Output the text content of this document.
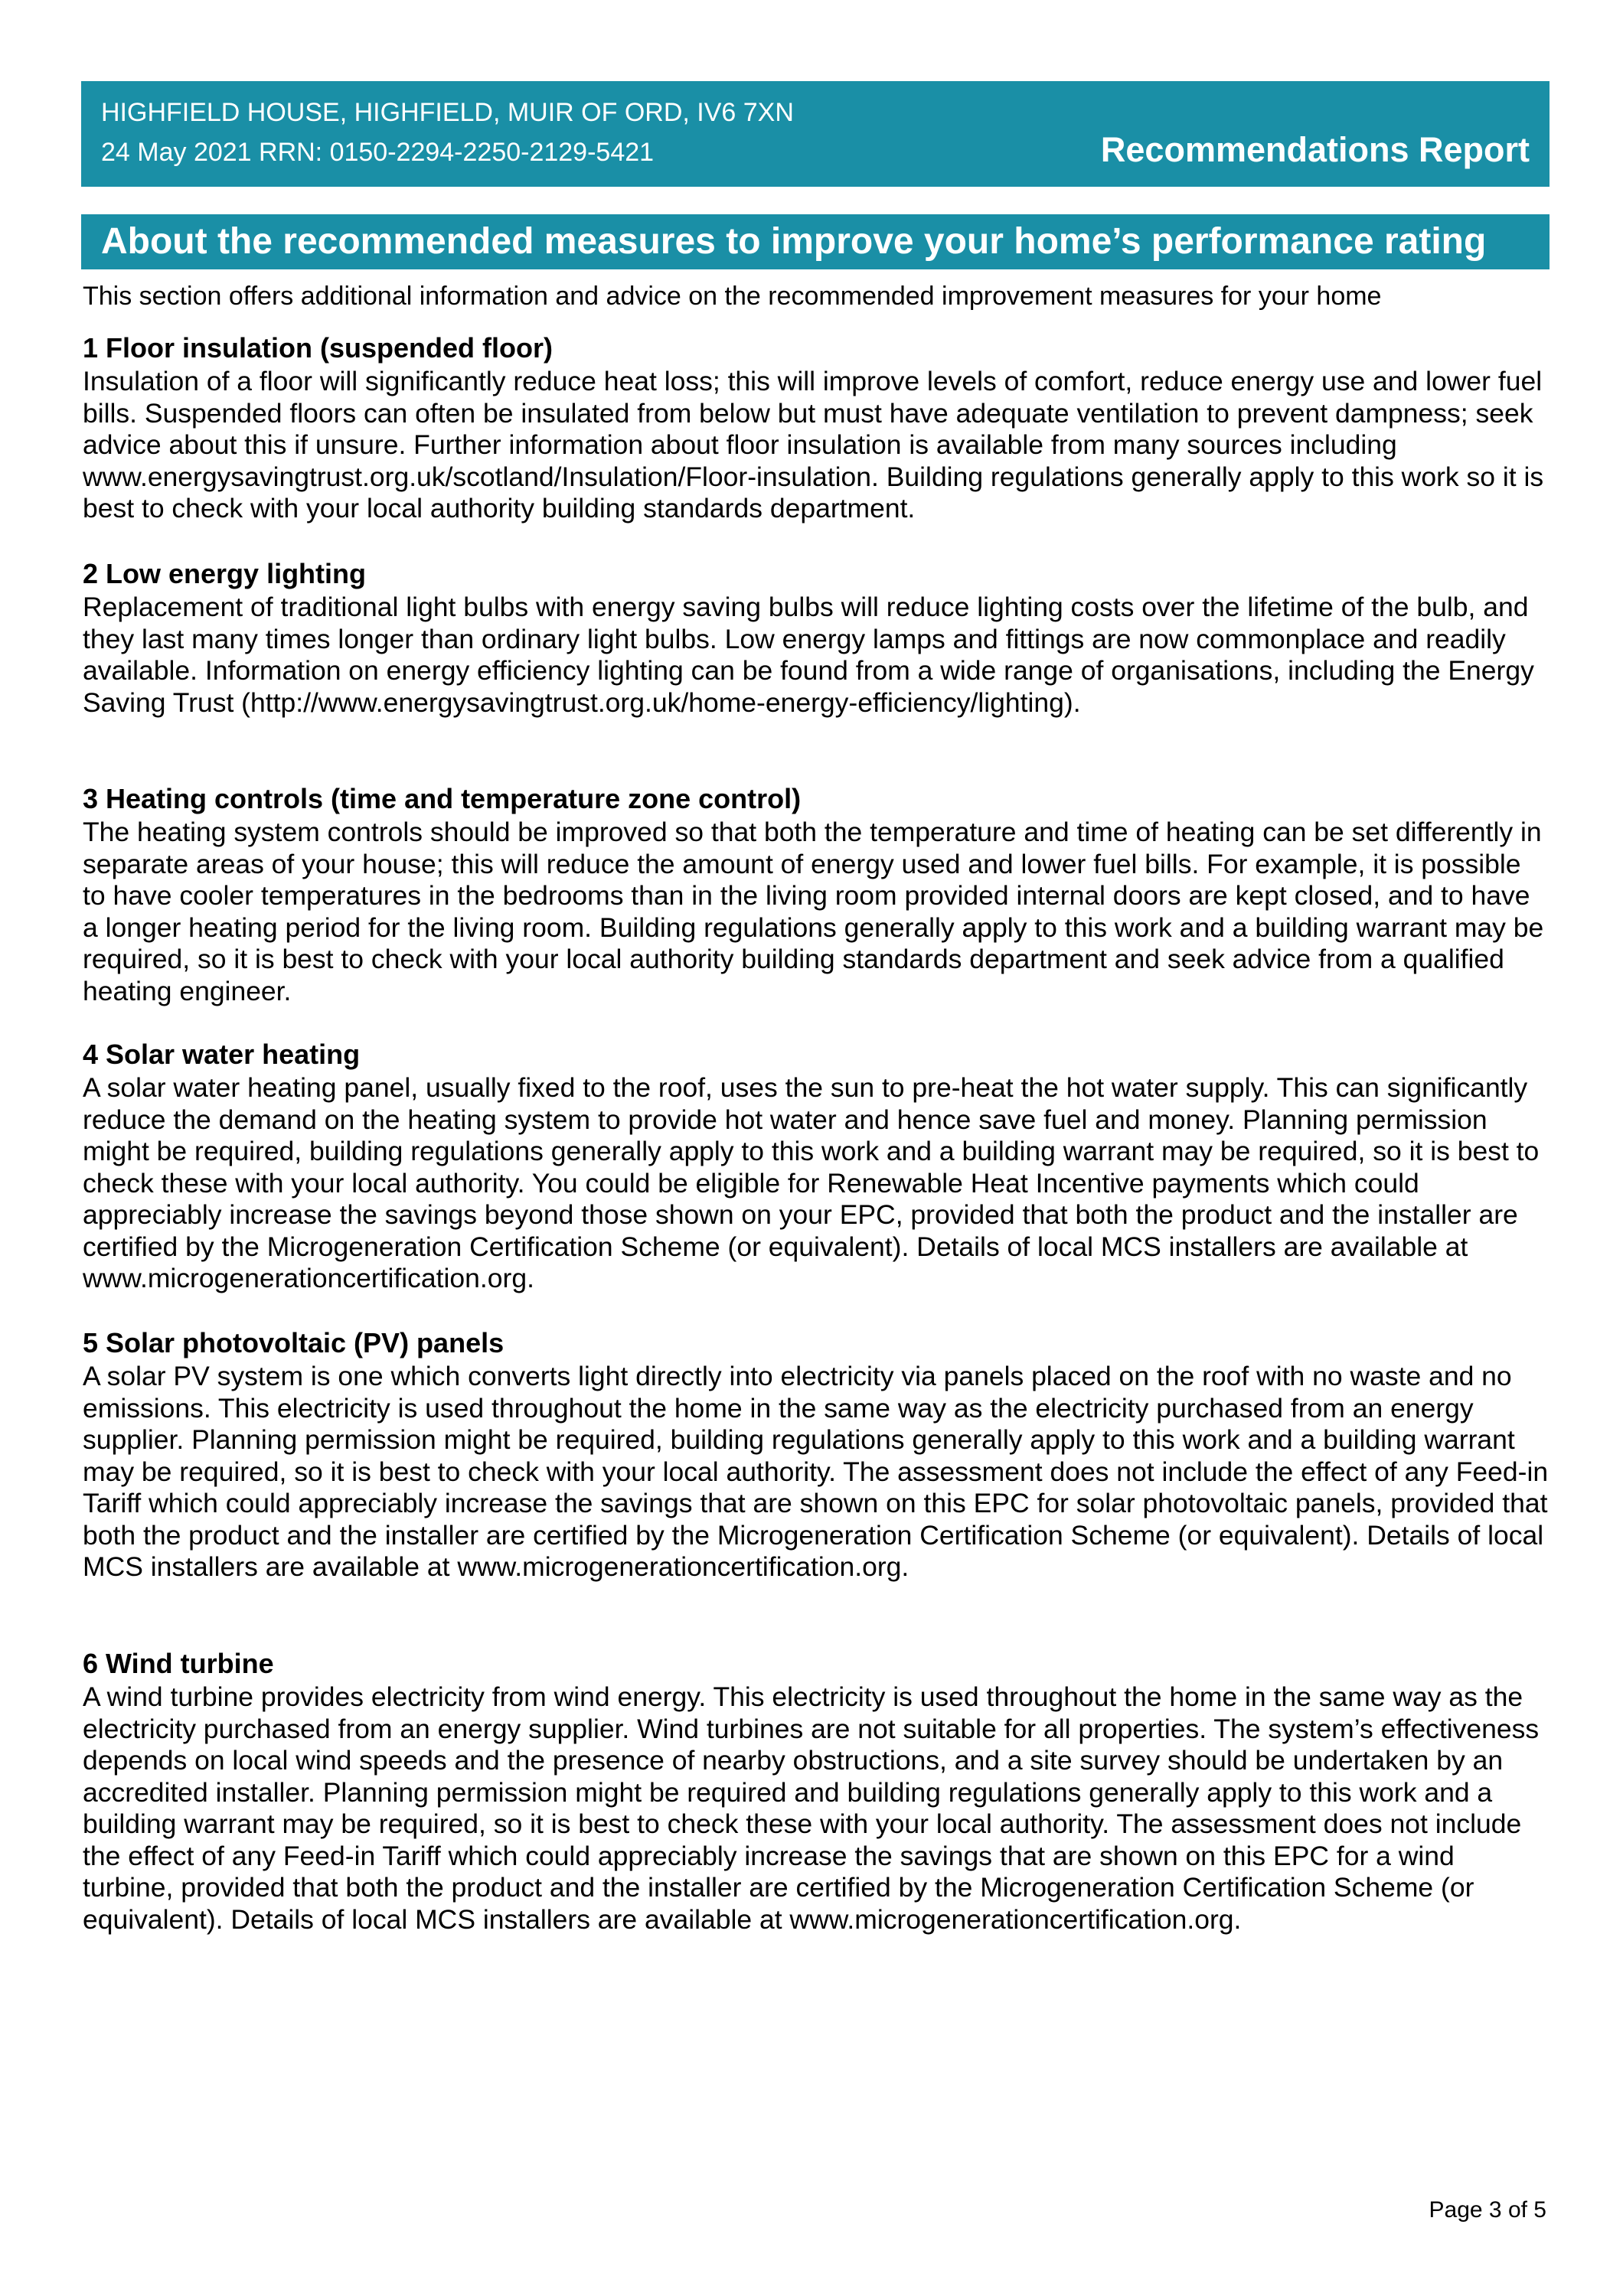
HIGHFIELD HOUSE, HIGHFIELD, MUIR OF ORD, IV6 7XN
24 May 2021 RRN: 0150-2294-2250-2129-5421	Recommendations Report
About the recommended measures to improve your home’s performance rating
This section offers additional information and advice on the recommended improvement measures for your home

1 Floor insulation (suspended floor)

Insulation of a floor will significantly reduce heat loss; this will improve levels of comfort, reduce energy use and lower fuel bills. Suspended floors can often be insulated from below but must have adequate ventilation to prevent dampness; seek advice about this if unsure. Further information about floor insulation is available from many sources including www.energysavingtrust.org.uk/scotland/Insulation/Floor-insulation. Building regulations generally apply to this work so it is best to check with your local authority building standards department.

2 Low energy lighting

Replacement of traditional light bulbs with energy saving bulbs will reduce lighting costs over the lifetime of the bulb, and they last many times longer than ordinary light bulbs. Low energy lamps and fittings are now commonplace and readily available. Information on energy efficiency lighting can be found from a wide range of organisations, including the Energy Saving Trust (http://www.energysavingtrust.org.uk/home-energy-efficiency/lighting).

3 Heating controls (time and temperature zone control)

The heating system controls should be improved so that both the temperature and time of heating can be set differently in separate areas of your house; this will reduce the amount of energy used and lower fuel bills. For example, it is possible to have cooler temperatures in the bedrooms than in the living room provided internal doors are kept closed, and to have a longer heating period for the living room. Building regulations generally apply to this work and a building warrant may be required, so it is best to check with your local authority building standards department and seek advice from a qualified heating engineer.

4 Solar water heating

A solar water heating panel, usually fixed to the roof, uses the sun to pre-heat the hot water supply. This can significantly reduce the demand on the heating system to provide hot water and hence save fuel and money. Planning permission might be required, building regulations generally apply to this work and a building warrant may be required, so it is best to check these with your local authority. You could be eligible for Renewable Heat Incentive payments which could appreciably increase the savings beyond those shown on your EPC, provided that both the product and the installer are certified by the Microgeneration Certification Scheme (or equivalent). Details of local MCS installers are available at www.microgenerationcertification.org.

5 Solar photovoltaic (PV) panels

A solar PV system is one which converts light directly into electricity via panels placed on the roof with no waste and no emissions. This electricity is used throughout the home in the same way as the electricity purchased from an energy supplier. Planning permission might be required, building regulations generally apply to this work and a building warrant may be required, so it is best to check with your local authority. The assessment does not include the effect of any Feed-in Tariff which could appreciably increase the savings that are shown on this EPC for solar photovoltaic panels, provided that both the product and the installer are certified by the Microgeneration Certification Scheme (or equivalent). Details of local MCS installers are available at www.microgenerationcertification.org.

6 Wind turbine

A wind turbine provides electricity from wind energy. This electricity is used throughout the home in the same way as the electricity purchased from an energy supplier. Wind turbines are not suitable for all properties. The system’s effectiveness depends on local wind speeds and the presence of nearby obstructions, and a site survey should be undertaken by an accredited installer. Planning permission might be required and building regulations generally apply to this work and a building warrant may be required, so it is best to check these with your local authority. The assessment does not include the effect of any Feed-in Tariff which could appreciably increase the savings that are shown on this EPC for a wind turbine, provided that both the product and the installer are certified by the Microgeneration Certification Scheme (or equivalent). Details of local MCS installers are available at www.microgenerationcertification.org.

Page 3 of 5
